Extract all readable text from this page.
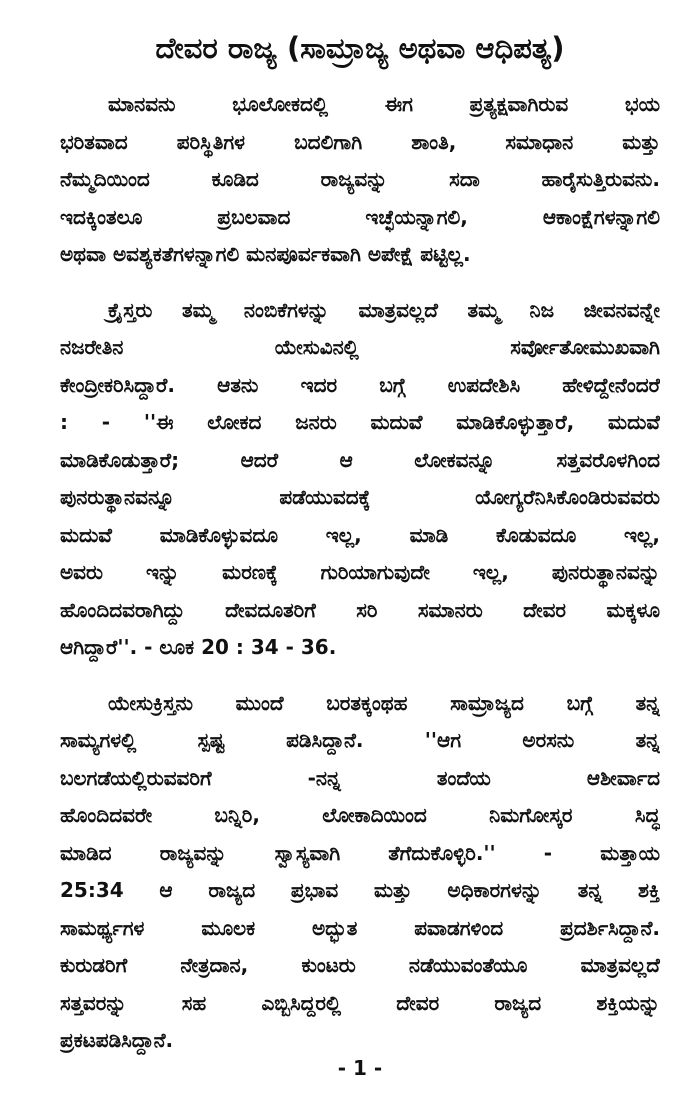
ದೇವರ ರಾಜ್ಯ (ಸಾಮ್ರಾಜ್ಯ ಅಥವಾ ಆಧಿಪತ್ಯ)
ಮಾನವನು ಭೂಲೋಕದಲ್ಲಿ ಈಗ ಪ್ರತ್ಯಕ್ಷವಾಗಿರುವ ಭಯ
ಭರಿತವಾದ ಪರಿಸ್ಥಿತಿಗಳ ಬದಲಿಗಾಗಿ ಶಾಂತಿ, ಸಮಾಧಾನ ಮತ್ತು
ನೆಮ್ಮದಿಯಿಂದ ಕೂಡಿದ ರಾಜ್ಯವನ್ನು ಸದಾ ಹಾರೈಸುತ್ತಿರುವನು.
ಇದಕ್ಕಿಂತಲೂ ಪ್ರಬಲವಾದ ಇಚ್ಛೆಯನ್ನಾಗಲಿ, ಆಕಾಂಕ್ಷೆಗಳನ್ನಾಗಲಿ
ಅಥವಾ ಅವಶ್ಯಕತೆಗಳನ್ನಾಗಲಿ ಮನಪೂರ್ವಕವಾಗಿ ಅಪೇಕ್ಷೆ ಪಟ್ಟಿಲ್ಲ.
ಕ್ರೈಸ್ತರು ತಮ್ಮ ನಂಬಿಕೆಗಳನ್ನು ಮಾತ್ರವಲ್ಲದೆ ತಮ್ಮ ನಿಜ ಜೀವನವನ್ನೇ
ನಜರೇತಿನ ಯೇಸುವಿನಲ್ಲಿ ಸರ್ವೋತೋಮುಖವಾಗಿ
ಕೇಂದ್ರೀಕರಿಸಿದ್ದಾರೆ. ಆತನು ಇದರ ಬಗ್ಗೆ ಉಪದೇಶಿಸಿ ಹೇಳಿದ್ದೇನೆಂದರೆ
: - ''ಈ ಲೋಕದ ಜನರು ಮದುವೆ ಮಾಡಿಕೊಳ್ಳುತ್ತಾರೆ, ಮದುವೆ
ಮಾಡಿಕೊಡುತ್ತಾರೆ; ಆದರೆ ಆ ಲೋಕವನ್ನೂ ಸತ್ತವರೊಳಗಿಂದ
ಪುನರುತ್ಥಾನವನ್ನೂ ಪಡೆಯುವದಕ್ಕೆ ಯೋಗ್ಯರೆನಿಸಿಕೊಂಡಿರುವವರು
ಮದುವೆ ಮಾಡಿಕೊಳ್ಳುವದೂ ಇಲ್ಲ, ಮಾಡಿ ಕೊಡುವದೂ ಇಲ್ಲ,
ಅವರು ಇನ್ನು ಮರಣಕ್ಕೆ ಗುರಿಯಾಗುವುದೇ ಇಲ್ಲ, ಪುನರುತ್ಥಾನವನ್ನು
ಹೊಂದಿದವರಾಗಿದ್ದು ದೇವದೂತರಿಗೆ ಸರಿ ಸಮಾನರು ದೇವರ ಮಕ್ಕಳೂ
ಆಗಿದ್ದಾರೆ''. - ಲೂಕ 20 : 34 - 36.
ಯೇಸುಕ್ರಿಸ್ತನು ಮುಂದೆ ಬರತಕ್ಕಂಥಹ ಸಾಮ್ರಾಜ್ಯದ ಬಗ್ಗೆ ತನ್ನ
ಸಾಮ್ಯಗಳಲ್ಲಿ ಸ್ಪಷ್ಟ ಪಡಿಸಿದ್ದಾನೆ. ''ಆಗ ಅರಸನು ತನ್ನ
ಬಲಗಡೆಯಲ್ಲಿರುವವರಿಗೆ -ನನ್ನ ತಂದೆಯ ಆಶೀರ್ವಾದ
ಹೊಂದಿದವರೇ ಬನ್ನಿರಿ, ಲೋಕಾದಿಯಿಂದ ನಿಮಗೋಸ್ಕರ ಸಿದ್ಧ
ಮಾಡಿದ ರಾಜ್ಯವನ್ನು ಸ್ವಾಸ್ಯವಾಗಿ ತೆಗೆದುಕೊಳ್ಳಿರಿ.'' - ಮತ್ತಾಯ
25:34 ಆ ರಾಜ್ಯದ ಪ್ರಭಾವ ಮತ್ತು ಅಧಿಕಾರಗಳನ್ನು ತನ್ನ ಶಕ್ತಿ
ಸಾಮರ್ಥ್ಯಗಳ ಮೂಲಕ ಅದ್ಭುತ ಪವಾಡಗಳಿಂದ ಪ್ರದರ್ಶಿಸಿದ್ದಾನೆ.
ಕುರುಡರಿಗೆ ನೇತ್ರದಾನ, ಕುಂಟರು ನಡೆಯುವಂತೆಯೂ ಮಾತ್ರವಲ್ಲದೆ
ಸತ್ತವರನ್ನು ಸಹ ಎಬ್ಬಿಸಿದ್ದರಲ್ಲಿ ದೇವರ ರಾಜ್ಯದ ಶಕ್ತಿಯನ್ನು
ಪ್ರಕಟಪಡಿಸಿದ್ದಾನೆ.
- 1 -
